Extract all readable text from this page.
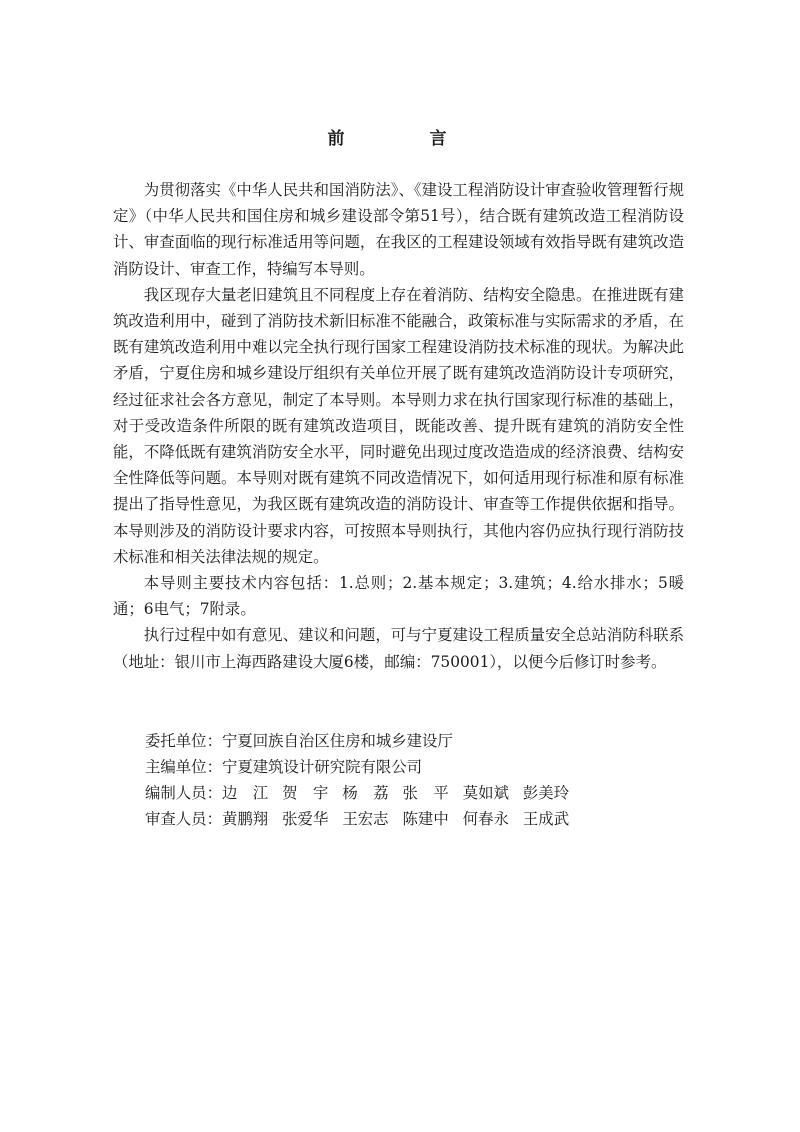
前　言

为贯彻落实《中华人民共和国消防法》、《建设工程消防设计审查验收管理暂行规定》（中华人民共和国住房和城乡建设部令第51号），结合既有建筑改造工程消防设计、审查面临的现行标准适用等问题，在我区的工程建设领域有效指导既有建筑改造消防设计、审查工作，特编写本导则。

我区现存大量老旧建筑且不同程度上存在着消防、结构安全隐患。在推进既有建筑改造利用中，碰到了消防技术新旧标准不能融合，政策标准与实际需求的矛盾，在既有建筑改造利用中难以完全执行现行国家工程建设消防技术标准的现状。为解决此矛盾，宁夏住房和城乡建设厅组织有关单位开展了既有建筑改造消防设计专项研究，经过征求社会各方意见，制定了本导则。本导则力求在执行国家现行标准的基础上，对于受改造条件所限的既有建筑改造项目，既能改善、提升既有建筑的消防安全性能，不降低既有建筑消防安全水平，同时避免出现过度改造造成的经济浪费、结构安全性降低等问题。本导则对既有建筑不同改造情况下，如何适用现行标准和原有标准提出了指导性意见，为我区既有建筑改造的消防设计、审查等工作提供依据和指导。本导则涉及的消防设计要求内容，可按照本导则执行，其他内容仍应执行现行消防技术标准和相关法律法规的规定。

本导则主要技术内容包括：1.总则；2.基本规定；3.建筑；4.给水排水；5暖通；6电气；7附录。

执行过程中如有意见、建议和问题，可与宁夏建设工程质量安全总站消防科联系（地址：银川市上海西路建设大厦6楼，邮编：750001），以便今后修订时参考。

委托单位：宁夏回族自治区住房和城乡建设厅
主编单位：宁夏建筑设计研究院有限公司
编制人员：边　江 贺　宇 杨　荔 张　平 莫如斌 彭美玲
审查人员：黄鹏翔 张爱华 王宏志 陈建中 何春永 王成武
